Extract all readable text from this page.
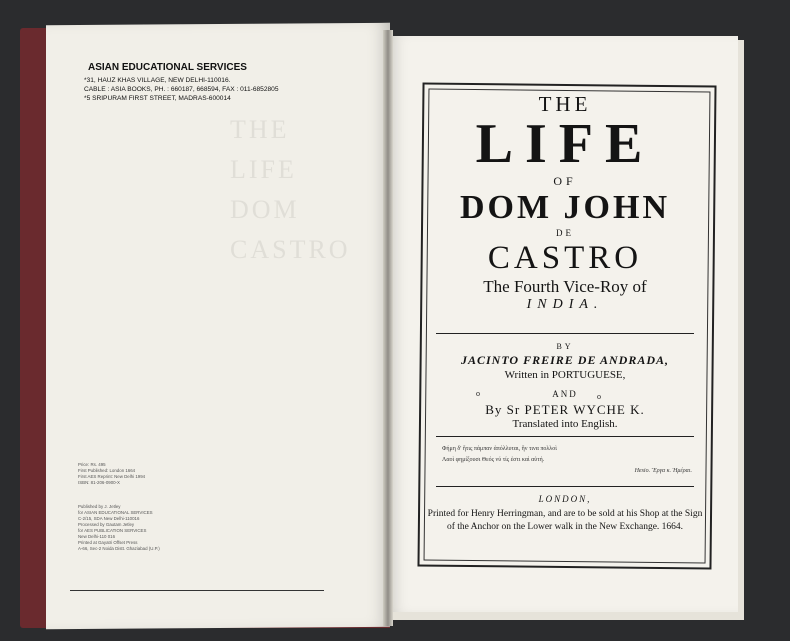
THE
LIFE
DOM
CASTRO
ASIAN EDUCATIONAL SERVICES
*31, HAUZ KHAS VILLAGE, NEW DELHI-110016.
CABLE : ASIA BOOKS, PH. : 660187, 668594, FAX : 011-6852805
*5 SRIPURAM FIRST STREET, MADRAS-600014
Price: Rs. 495
First Published: London 1664
First AES Reprint: New Delhi 1994
ISBN: 81-206-0900-X
Published by J. Jetley
for ASIAN EDUCATIONAL SERVICES
C-2/15, SDA New Delhi-110016
Processed by Gautam Jetley
for AES PUBLICATION SERVICES
New Delhi-110 016
Printed at Gayatri Offset Press
A-66, Sec-2 Noida Distt. Ghaziabad (U.P.)
THE
LIFE
OF
DOM JOHN
DE
CASTRO
The Fourth Vice-Roy of
INDIA.
BY
JACINTO FREIRE DE ANDRADA,
Written in PORTUGUESE,
o	o
AND
By Sr PETER WYCHE K.
Translated into English.
Φήμη δ' ἥτις πάμπαν ἀπόλλυται, ἥν τινα πολλοὶ
Λαοὶ φημίξουσι Θεός νύ τίς ἐστι καὶ αὐτή.
Hesio. Ἔργα κ. Ἡμέραι.
LONDON,
Printed for Henry Herringman, and are to be sold at his Shop at the Sign of the Anchor on the Lower walk in the New Exchange. 1664.
